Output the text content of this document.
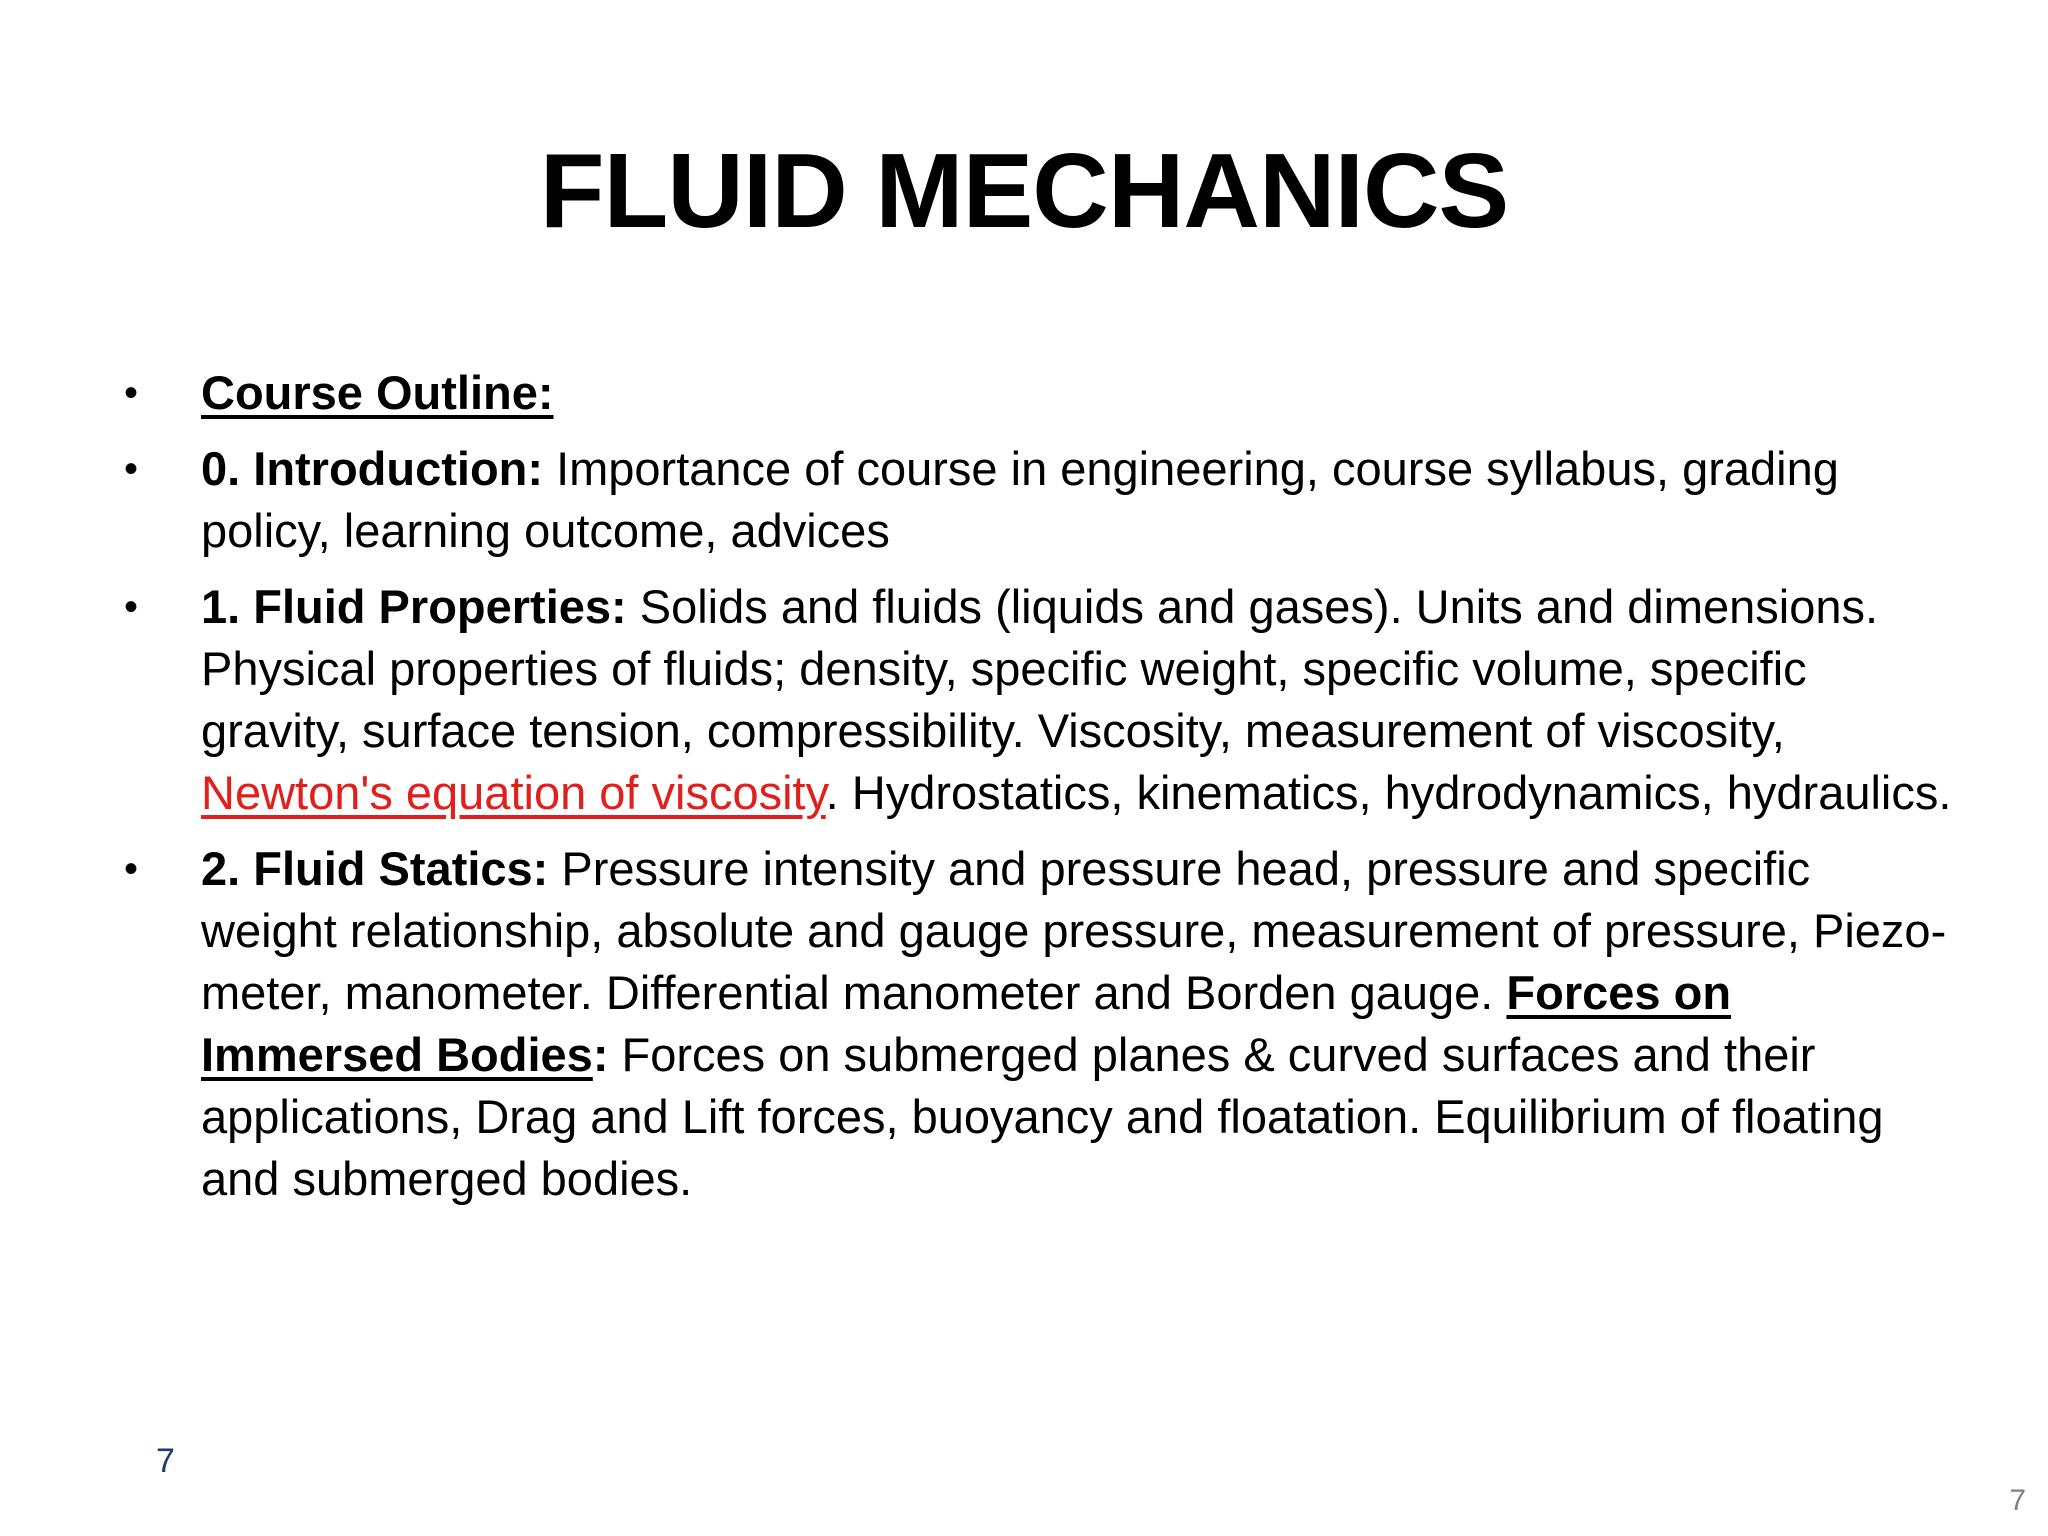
FLUID MECHANICS
• Course Outline:
• 0. Introduction: Importance of course in engineering, course syllabus, grading policy, learning outcome, advices
• 1. Fluid Properties: Solids and fluids (liquids and gases). Units and dimensions. Physical properties of fluids; density, specific weight, specific volume, specific gravity, surface tension, compressibility. Viscosity, measurement of viscosity, Newton's equation of viscosity. Hydrostatics, kinematics, hydrodynamics, hydraulics.
• 2. Fluid Statics: Pressure intensity and pressure head, pressure and specific weight relationship, absolute and gauge pressure, measurement of pressure, Piezo-meter, manometer. Differential manometer and Borden gauge. Forces on Immersed Bodies: Forces on submerged planes & curved surfaces and their applications, Drag and Lift forces, buoyancy and floatation. Equilibrium of floating and submerged bodies.
7
7
